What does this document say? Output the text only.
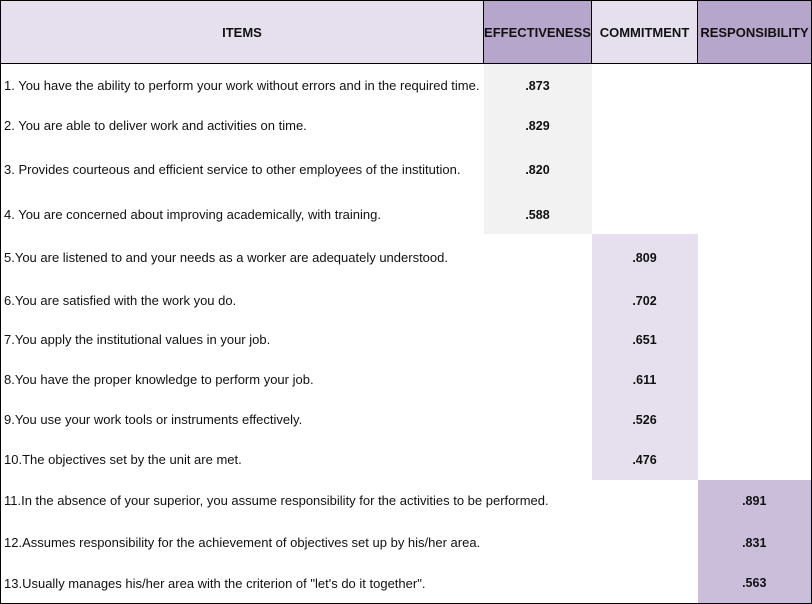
ITEMS	EFFECTIVENESS	COMMITMENT	RESPONSIBILITY
1. You have the ability to perform your work without errors and in the required time.	.873		
2. You are able to deliver work and activities on time.	.829		
3. Provides courteous and efficient service to other employees of the institution.	.820		
4. You are concerned about improving academically, with training.	.588		
5.You are listened to and your needs as a worker are adequately understood.		.809	
6.You are satisfied with the work you do.		.702	
7.You apply the institutional values in your job.		.651	
8.You have the proper knowledge to perform your job.		.611	
9.You use your work tools or instruments effectively.		.526	
10.The objectives set by the unit are met.		.476	
11.In the absence of your superior, you assume responsibility for the activities to be performed.			.891
12.Assumes responsibility for the achievement of objectives set up by his/her area.			.831
13.Usually manages his/her area with the criterion of "let's do it together".			.563
